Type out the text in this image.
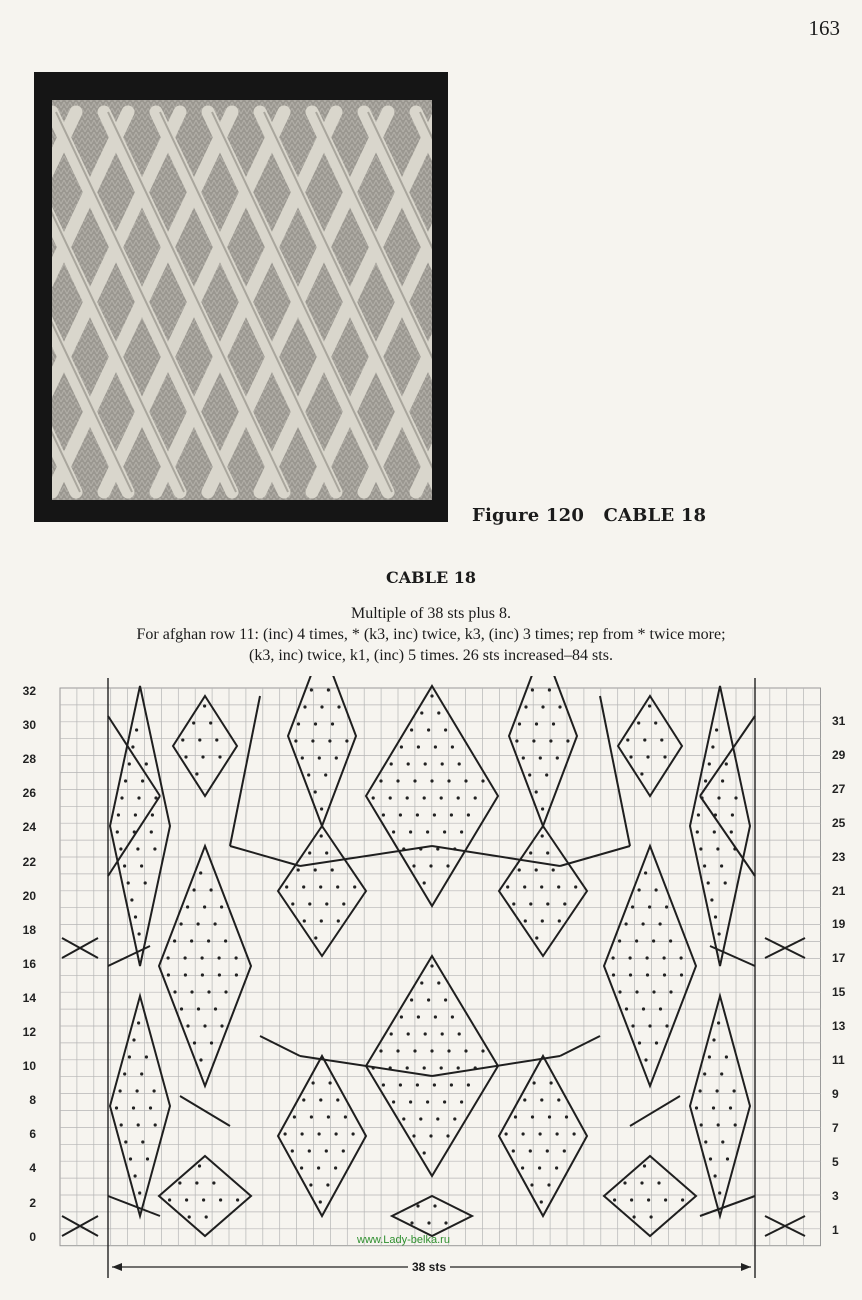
163
Figure 120 CABLE 18
CABLE 18
Multiple of 38 sts plus 8.
For afghan row 11: (inc) 4 times, * (k3, inc) twice, k3, (inc) 3 times; rep from * twice more;
(k3, inc) twice, k1, (inc) 5 times. 26 sts increased–84 sts.
32
30
28
26
24
22
20
18
16
14
12
10
8
6
4
2
0
31
29
27
25
23
21
19
17
15
13
11
9
7
5
3
1
www.Lady-belka.ru
38 sts
